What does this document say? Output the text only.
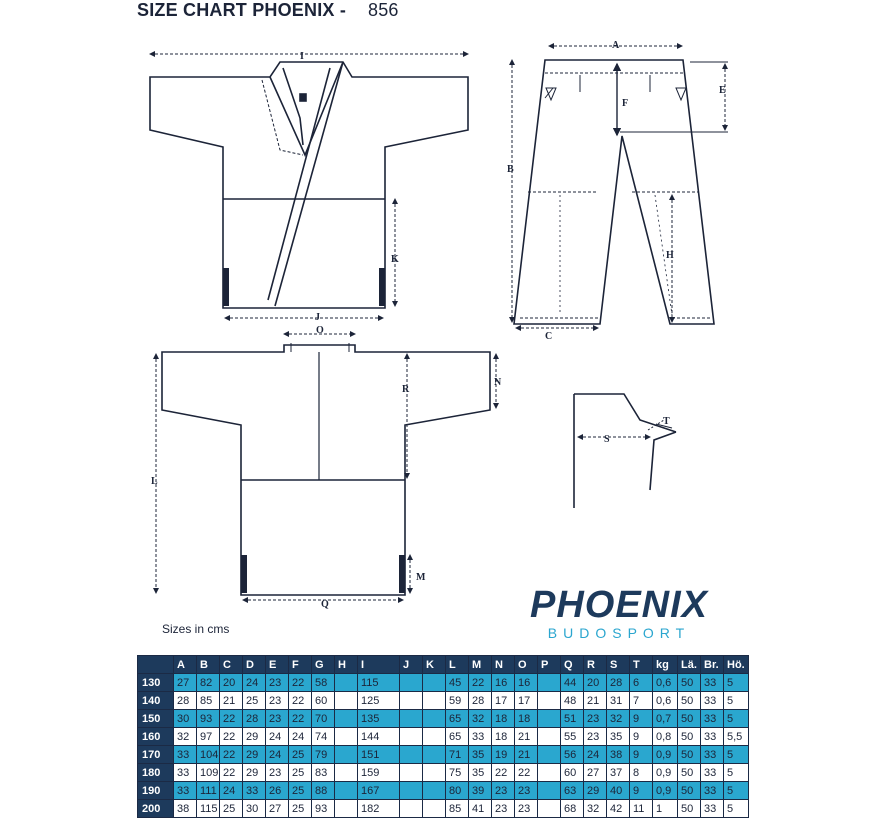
SIZE CHART PHOENIX - 856
I
K
J
A
F
E
B
H
C
O
R
N
L
M
Q
S
T
Sizes in cms
PHOENIX
BUDOSPORT
	A	B	C	D	E	F	G	H	I	J	K	L	M	N	O	P	Q	R	S	T	kg	Lä.	Br.	Hö.
130	27	82	20	24	23	22	58		115			45	22	16	16		44	20	28	6	0,6	50	33	5
140	28	85	21	25	23	22	60		125			59	28	17	17		48	21	31	7	0,6	50	33	5
150	30	93	22	28	23	22	70		135			65	32	18	18		51	23	32	9	0,7	50	33	5
160	32	97	22	29	24	24	74		144			65	33	18	21		55	23	35	9	0,8	50	33	5,5
170	33	104	22	29	24	25	79		151			71	35	19	21		56	24	38	9	0,9	50	33	5
180	33	109	22	29	23	25	83		159			75	35	22	22		60	27	37	8	0,9	50	33	5
190	33	111	24	33	26	25	88		167			80	39	23	23		63	29	40	9	0,9	50	33	5
200	38	115	25	30	27	25	93		182			85	41	23	23		68	32	42	11	1	50	33	5
